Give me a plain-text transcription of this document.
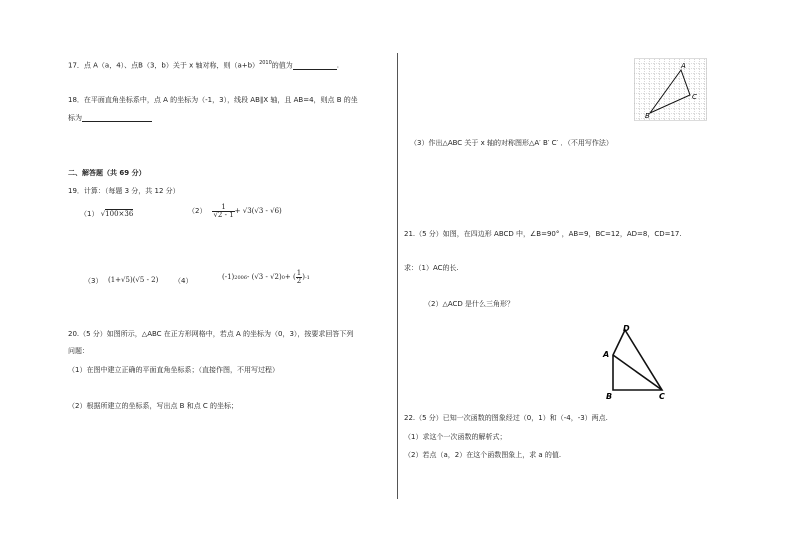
17．点 A（a，4）、点B（3，b）关于 x 轴对称，则$(a+b)^{2010}$的值为	.
18．在平面直角坐标系中，点 A 的坐标为（-1，3），线段 AB∥X 轴，且 AB=4，则点 B 的坐
标为
二、解答题（共 69 分）
19．计算：（每题 3 分，共 12 分）
（1） √100×36	$(2) \frac{1}{√2 - 1} + √3(√3 - √6)$
（3） (1+√5)(√5 - 2) （4）	(-1) 2006 - (√3 - √2) 0 + ( $\frac{1}{2}$ ) -1
20.（5 分）如图所示，△ABC 在正方形网格中，若点 A 的坐标为（0，3），按要求回答下列
问题：
（1）在图中建立正确的平面直角坐标系；（直接作图，不用写过程）
（2）根据所建立的坐标系，写出点 B 和点 C 的坐标；
A
B
C
（3）作出△ABC 关于 x 轴的对称图形△A′ B′ C′ ．（不用写作法）
21.（5 分）如图，在四边形 ABCD 中，∠B=90° ，AB=9，BC=12，AD=8，CD=17.
求：（1）AC的长.
（2）△ACD 是什么三角形？
D
A
B	C
22.（5 分）已知一次函数的图象经过（0，1）和（-4，-3）两点.
（1）求这个一次函数的解析式；
（2）若点（a，2）在这个函数图象上，求 a 的值.
